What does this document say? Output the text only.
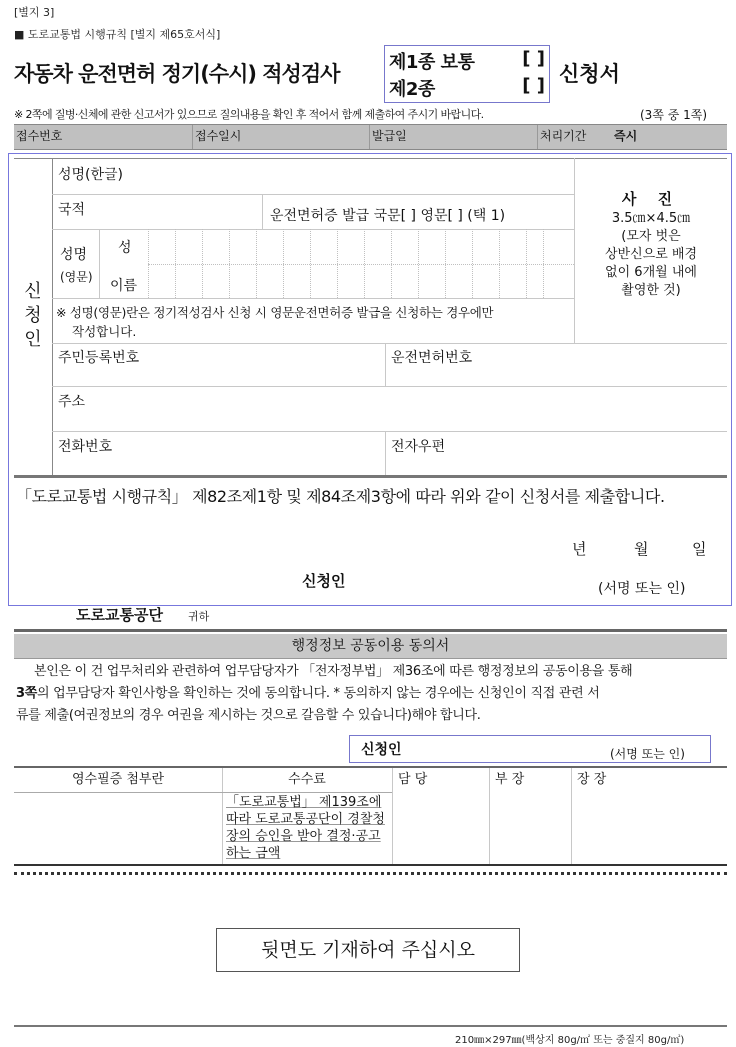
[별지 3]
■ 도로교통법 시행규칙 [별지 제65호서식]
자동차 운전면허 정기(수시) 적성검사	제1종 보통	[ ]
제2종	[ ] 신청서
※ 2쪽에 질병·신체에 관한 신고서가 있으므로 질의내용을 확인 후 적어서 함께 제출하여 주시기 바랍니다.	(3쪽 중 1쪽)
접수번호	접수일시	발급일	처리기간	즉시
신청인
성명(한글)
국적	운전면허증 발급 국문[ ] 영문[ ] (택 1)
성명
(영문)
성
이름
※ 성명(영문)란은 정기적성검사 신청 시 영문운전면허증 발급을 신청하는 경우에만
작성합니다.
주민등록번호	운전면허번호
주소
전화번호	전자우편
사 진
3.5㎝×4.5㎝
(모자 벗은
상반신으로 배경
없이 6개월 내에
촬영한 것)
「도로교통법 시행규칙」 제82조제1항 및 제84조제3항에 따라 위와 같이 신청서를 제출합니다.
년	월	일
신청인	(서명 또는 인)
도로교통공단 귀하
행정정보 공동이용 동의서
본인은 이 건 업무처리와 관련하여 업무담당자가 「전자정부법」 제36조에 따른 행정정보의 공동이용을 통해
3쪽의 업무담당자 확인사항을 확인하는 것에 동의합니다. * 동의하지 않는 경우에는 신청인이 직접 관련 서
류를 제출(여권정보의 경우 여권을 제시하는 것으로 갈음할 수 있습니다)해야 합니다.
신청인	(서명 또는 인)
영수필증 첨부란	수수료	담 당	부 장	장 장
「도로교통법」 제139조에 따라 도로교통공단이 경찰청장의 승인을 받아 결정·공고하는 금액
뒷면도 기재하여 주십시오
210㎜×297㎜(백상지 80g/㎡ 또는 중질지 80g/㎡)
